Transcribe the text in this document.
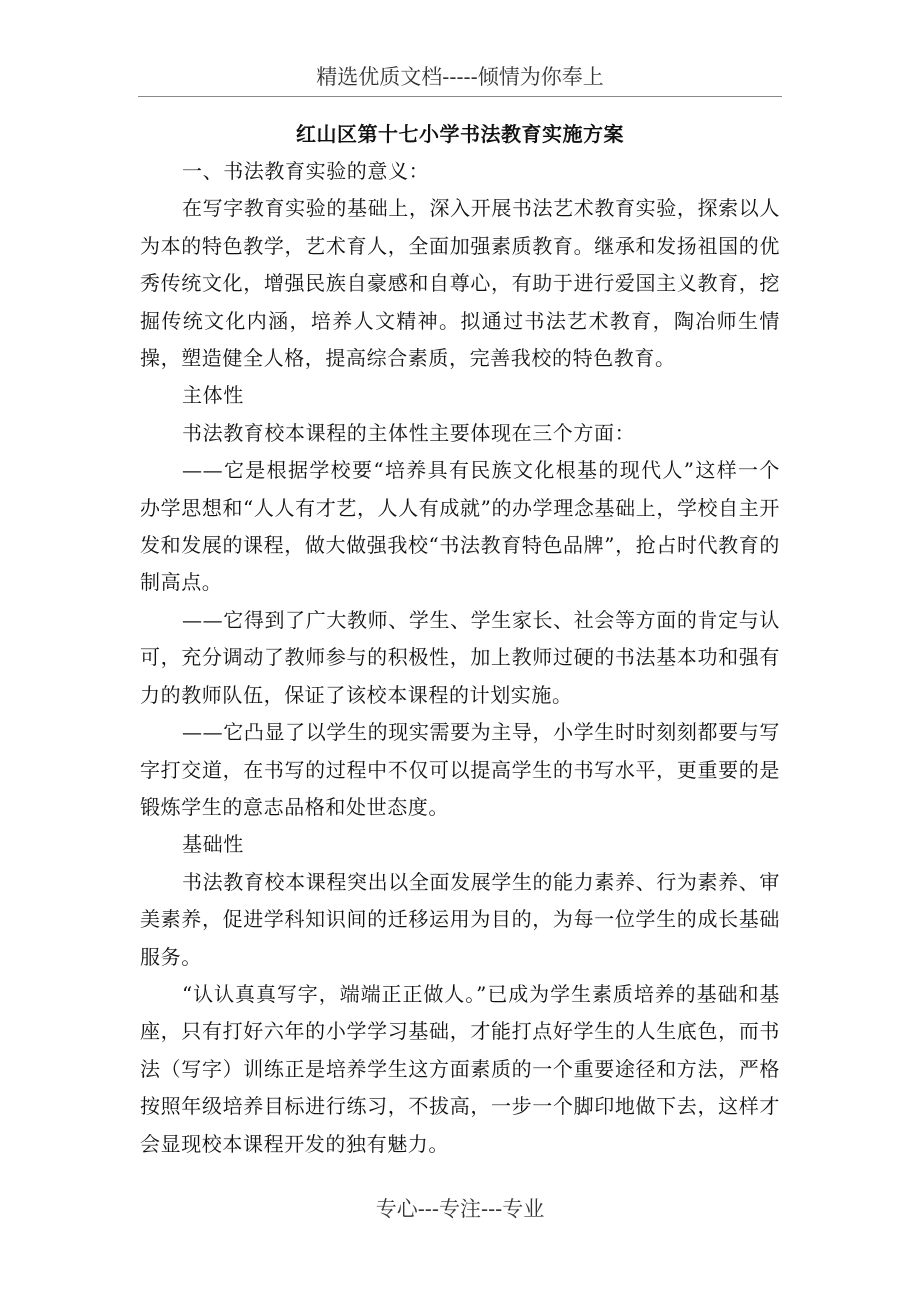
精选优质文档-----倾情为你奉上

红山区第十七小学书法教育实施方案

一、书法教育实验的意义：

在写字教育实验的基础上，深入开展书法艺术教育实验，探索以人为本的特色教学，艺术育人，全面加强素质教育。继承和发扬祖国的优秀传统文化，增强民族自豪感和自尊心，有助于进行爱国主义教育，挖掘传统文化内涵，培养人文精神。拟通过书法艺术教育，陶冶师生情操，塑造健全人格，提高综合素质，完善我校的特色教育。

主体性

书法教育校本课程的主体性主要体现在三个方面：

——它是根据学校要“培养具有民族文化根基的现代人”这样一个办学思想和“人人有才艺，人人有成就”的办学理念基础上，学校自主开发和发展的课程，做大做强我校“书法教育特色品牌”，抢占时代教育的制高点。

——它得到了广大教师、学生、学生家长、社会等方面的肯定与认可，充分调动了教师参与的积极性，加上教师过硬的书法基本功和强有力的教师队伍，保证了该校本课程的计划实施。

——它凸显了以学生的现实需要为主导，小学生时时刻刻都要与写字打交道，在书写的过程中不仅可以提高学生的书写水平，更重要的是锻炼学生的意志品格和处世态度。

基础性

书法教育校本课程突出以全面发展学生的能力素养、行为素养、审美素养，促进学科知识间的迁移运用为目的，为每一位学生的成长基础服务。

“认认真真写字，端端正正做人。”已成为学生素质培养的基础和基座，只有打好六年的小学学习基础，才能打点好学生的人生底色，而书法（写字）训练正是培养学生这方面素质的一个重要途径和方法，严格按照年级培养目标进行练习，不拔高，一步一个脚印地做下去，这样才会显现校本课程开发的独有魅力。

专心---专注---专业
